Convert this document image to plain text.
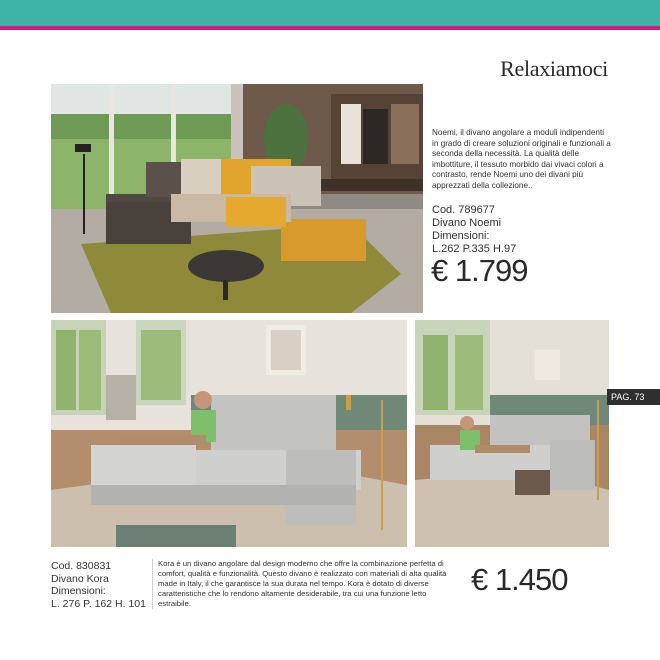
Relaxiamoci
Noemi, il divano angolare a moduli indipendenti in grado di creare soluzioni originali e funzionali a seconda della necessità. La qualità delle imbottiture, il tessuto morbido dai vivaci colori a contrasto, rende Noemi uno dei divani più apprezzati della collezione..
Cod. 789677
Divano Noemi
Dimensioni:
L.262 P.335 H.97
€ 1.799
PAG. 73
Cod. 830831
Divano Kora
Dimensioni:
L. 276 P. 162 H. 101
Kora è un divano angolare dal design moderno che offre la combinazione perfetta di comfort, qualità e funzionalità. Questo divano è realizzato con materiali di alta qualità made in Italy, il che garantisce la sua durata nel tempo. Kora è dotato di diverse caratteristiche che lo rendono altamente desiderabile, tra cui una funzione letto estraibile.
€ 1.450
